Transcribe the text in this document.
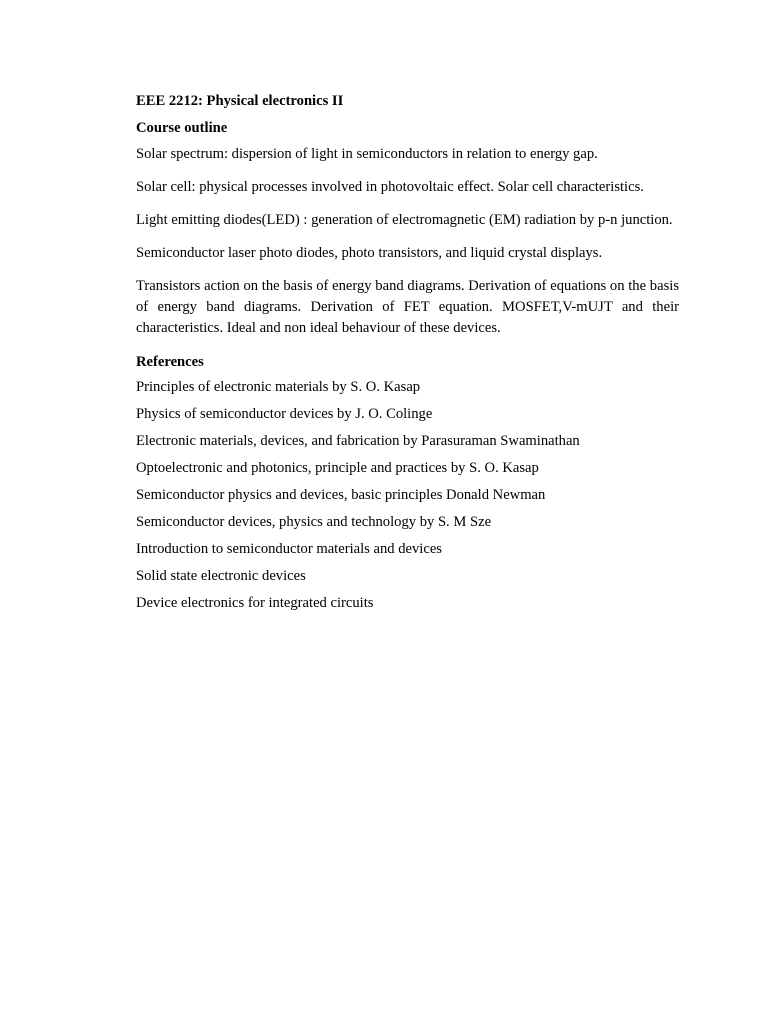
EEE 2212: Physical electronics II

Course outline

Solar spectrum: dispersion of light in semiconductors in relation to energy gap.

Solar cell: physical processes involved in photovoltaic effect. Solar cell characteristics.

Light emitting diodes(LED) : generation of electromagnetic (EM) radiation by p-n junction.

Semiconductor laser photo diodes, photo transistors, and liquid crystal displays.

Transistors action on the basis of energy band diagrams. Derivation of equations on the basis of energy band diagrams. Derivation of FET equation. MOSFET,V-mUJT and their characteristics. Ideal and non ideal behaviour of these devices.

References

Principles of electronic materials by S. O. Kasap
Physics of semiconductor devices by J. O. Colinge
Electronic materials, devices, and fabrication by Parasuraman Swaminathan
Optoelectronic and photonics, principle and practices by S. O. Kasap
Semiconductor physics and devices, basic principles Donald Newman
Semiconductor devices, physics and technology by S. M Sze
Introduction to semiconductor materials and devices
Solid state electronic devices
Device electronics for integrated circuits
